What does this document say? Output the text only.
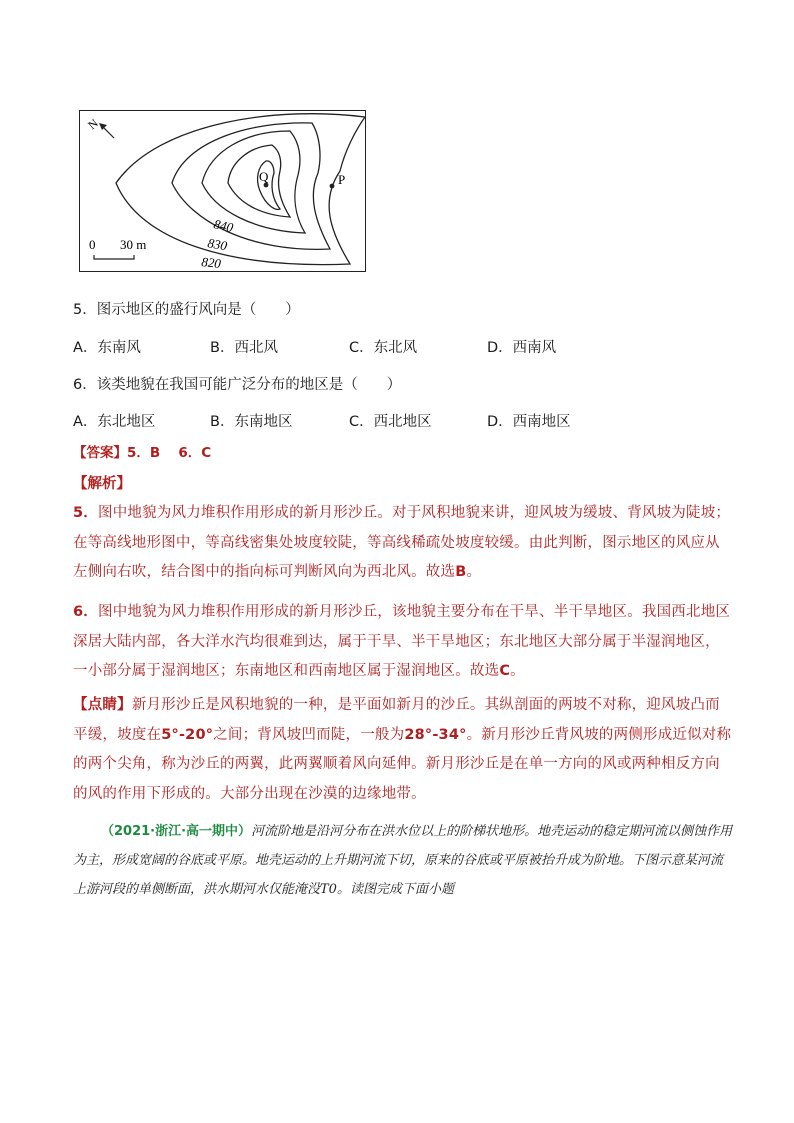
N
Q	P
840
830
820
0 30 m
5．图示地区的盛行风向是（　　）
A．东南风	B．西北风	C．东北风	D．西南风
6．该类地貌在我国可能广泛分布的地区是（　　）
A．东北地区	B．东南地区	C．西北地区	D．西南地区
【答案】5．B　 6．C
【解析】
5．图中地貌为风力堆积作用形成的新月形沙丘。对于风积地貌来讲，迎风坡为缓坡、背风坡为陡坡；在等高线地形图中，等高线密集处坡度较陡，等高线稀疏处坡度较缓。由此判断，图示地区的风应从左侧向右吹，结合图中的指向标可判断风向为西北风。故选B。
6．图中地貌为风力堆积作用形成的新月形沙丘，该地貌主要分布在干旱、半干旱地区。我国西北地区深居大陆内部，各大洋水汽均很难到达，属于干旱、半干旱地区；东北地区大部分属于半湿润地区，一小部分属于湿润地区；东南地区和西南地区属于湿润地区。故选C。
【点睛】新月形沙丘是风积地貌的一种，是平面如新月的沙丘。其纵剖面的两坡不对称，迎风坡凸而平缓，坡度在5°-20°之间；背风坡凹而陡，一般为28°-34°。新月形沙丘背风坡的两侧形成近似对称的两个尖角，称为沙丘的两翼，此两翼顺着风向延伸。新月形沙丘是在单一方向的风或两种相反方向的风的作用下形成的。大部分出现在沙漠的边缘地带。
（2021·浙江·高一期中）河流阶地是沿河分布在洪水位以上的阶梯状地形。地壳运动的稳定期河流以侧蚀作用为主，形成宽阔的谷底或平原。地壳运动的上升期河流下切，原来的谷底或平原被抬升成为阶地。下图示意某河流上游河段的单侧断面，洪水期河水仅能淹没T0。读图完成下面小题
